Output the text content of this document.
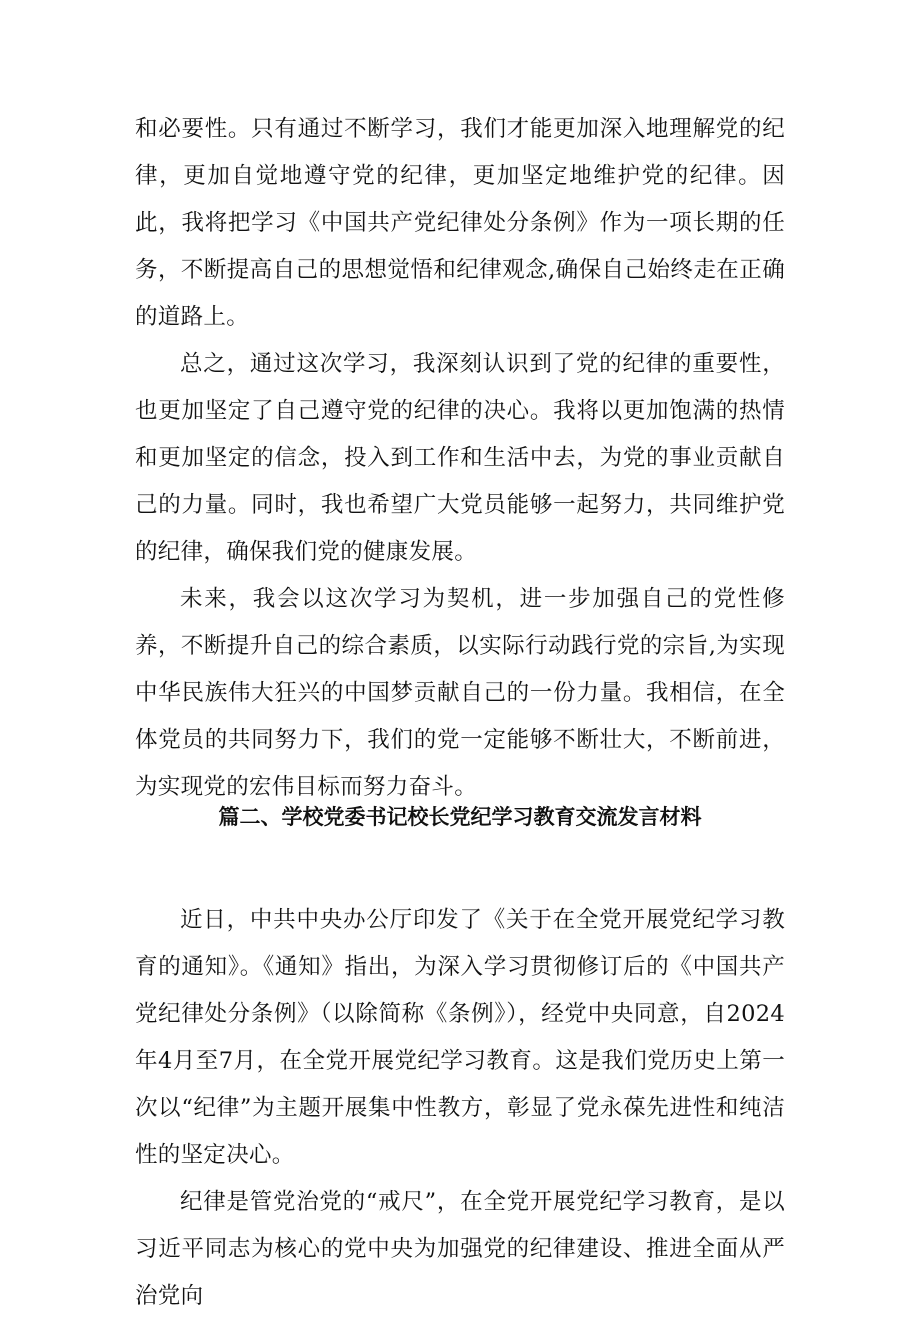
和必要性。只有通过不断学习，我们才能更加深入地理解党的纪律，更加自觉地遵守党的纪律，更加坚定地维护党的纪律。因此，我将把学习《中国共产党纪律处分条例》作为一项长期的任务，不断提高自己的思想觉悟和纪律观念,确保自己始终走在正确的道路上。

总之，通过这次学习，我深刻认识到了党的纪律的重要性，也更加坚定了自己遵守党的纪律的决心。我将以更加饱满的热情和更加坚定的信念，投入到工作和生活中去，为党的事业贡献自己的力量。同时，我也希望广大党员能够一起努力，共同维护党的纪律，确保我们党的健康发展。

未来，我会以这次学习为契机，进一步加强自己的党性修养，不断提升自己的综合素质，以实际行动践行党的宗旨,为实现中华民族伟大狂兴的中国梦贡献自己的一份力量。我相信，在全体党员的共同努力下，我们的党一定能够不断壮大，不断前进，为实现党的宏伟目标而努力奋斗。

篇二、学校党委书记校长党纪学习教育交流发言材料

近日，中共中央办公厅印发了《关于在全党开展党纪学习教育的通知》。《通知》指出，为深入学习贯彻修订后的《中国共产党纪律处分条例》（以除简称《条例》），经党中央同意，自2024年4月至7月，在全党开展党纪学习教育。这是我们党历史上第一次以“纪律”为主题开展集中性教方，彰显了党永葆先进性和纯洁性的坚定决心。

纪律是管党治党的“戒尺”，在全党开展党纪学习教育，是以习近平同志为核心的党中央为加强党的纪律建设、推进全面从严治党向
